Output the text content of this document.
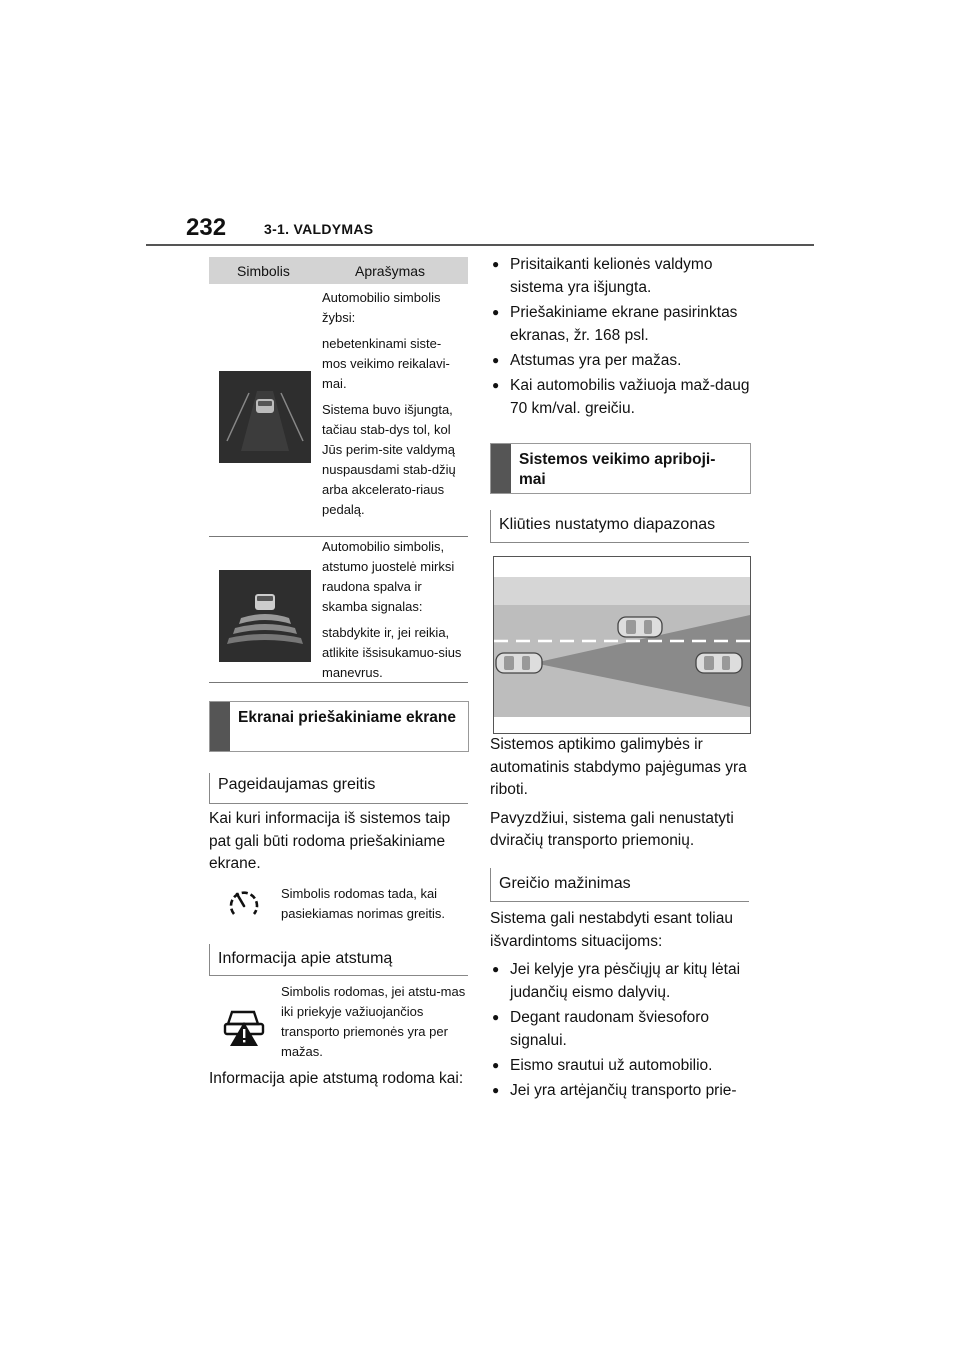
232	3-1. VALDYMAS
Simbolis	Aprašymas

Automobilio simbolis žybsi:

nebetenkinami siste-mos veikimo reikalavi-mai.

Sistema buvo išjungta, tačiau stab-dys tol, kol Jūs perim-site valdymą nuspausdami stab-džių arba akcelerato-riaus pedalą.

Automobilio simbolis, atstumo juostelė mirksi raudona spalva ir skamba signalas:

stabdykite ir, jei reikia, atlikite išsisukamuo-sius manevrus.

Ekranai priešakiniame ekrane
Pageidaujamas greitis

Kai kuri informacija iš sistemos taip pat gali būti rodoma priešakiniame ekrane.

Simbolis rodomas tada, kai pasiekiamas norimas greitis.
Informacija apie atstumą
Simbolis rodomas, jei atstu-mas iki priekyje važiuojančios transporto priemonės yra per mažas.

Informacija apie atstumą rodoma kai:

● Prisitaikanti kelionės valdymo sistema yra išjungta.
● Priešakiniame ekrane pasirinktas ekranas, žr. 168 psl.
● Atstumas yra per mažas.
● Kai automobilis važiuoja maž-daug 70 km/val. greičiu.
Sistemos veikimo apriboji-mai
Kliūties nustatymo diapazonas

Sistemos aptikimo galimybės ir automatinis stabdymo pajėgumas yra riboti.

Pavyzdžiui, sistema gali nenustatyti dviračių transporto priemonių.

Greičio mažinimas

Sistema gali nestabdyti esant toliau išvardintoms situacijoms:

● Jei kelyje yra pėsčiųjų ar kitų lėtai judančių eismo dalyvių.
● Degant raudonam šviesoforo signalui.
● Eismo srautui už automobilio.
● Jei yra artėjančių transporto prie-
